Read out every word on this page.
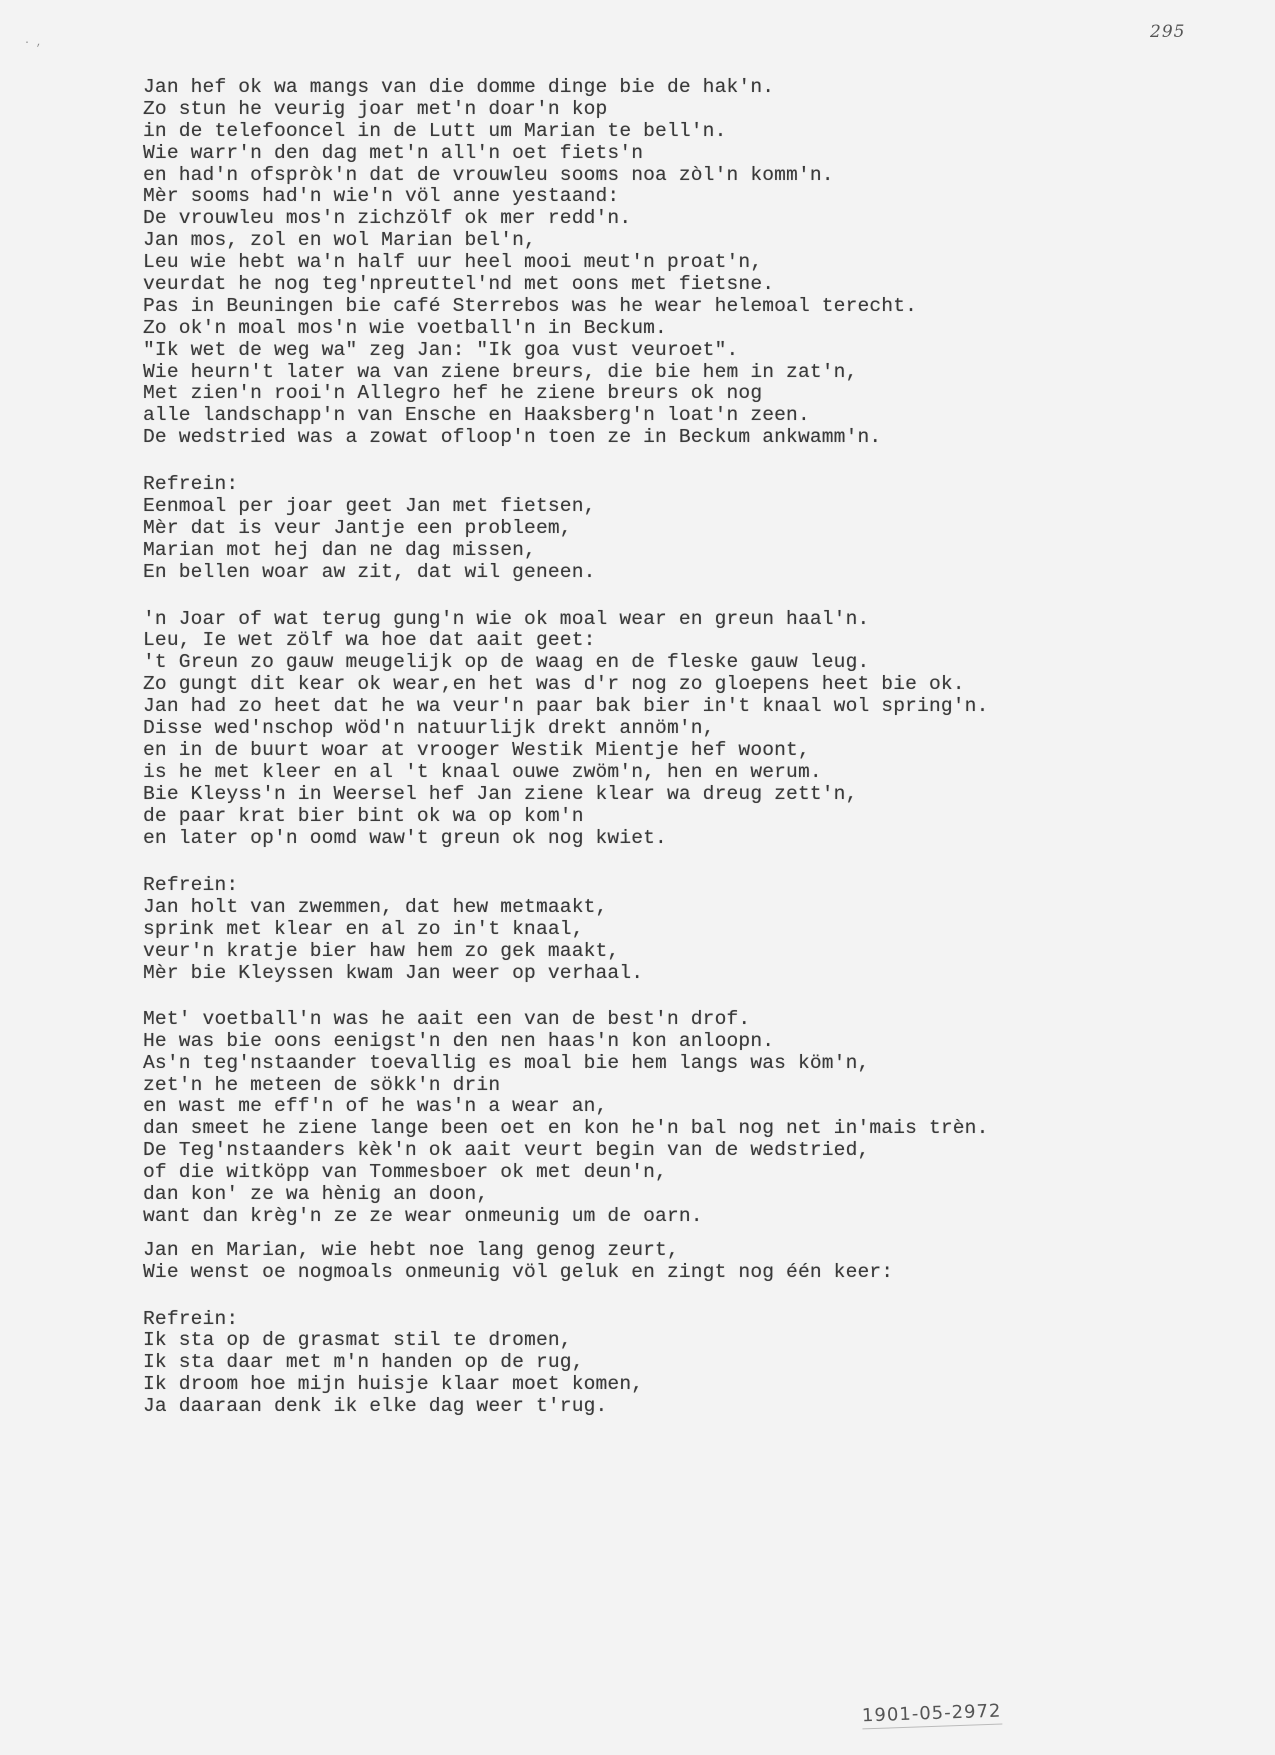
· ,
295
Jan hef ok wa mangs van die domme dinge bie de hak'n.
Zo stun he veurig joar met'n doar'n kop
in de telefooncel in de Lutt um Marian te bell'n.
Wie warr'n den dag met'n all'n oet fiets'n
en had'n ofspròk'n dat de vrouwleu sooms noa zòl'n komm'n.
Mèr sooms had'n wie'n völ anne yestaand:
De vrouwleu mos'n zichzölf ok mer redd'n.
Jan mos, zol en wol Marian bel'n,
Leu wie hebt wa'n half uur heel mooi meut'n proat'n,
veurdat he nog teg'npreuttel'nd met oons met fietsne.
Pas in Beuningen bie café Sterrebos was he wear helemoal terecht.
Zo ok'n moal mos'n wie voetball'n in Beckum.
"Ik wet de weg wa" zeg Jan: "Ik goa vust veuroet".
Wie heurn't later wa van ziene breurs, die bie hem in zat'n,
Met zien'n rooi'n Allegro hef he ziene breurs ok nog
alle landschapp'n van Ensche en Haaksberg'n loat'n zeen.
De wedstried was a zowat ofloop'n toen ze in Beckum ankwamm'n.
Refrein:
Eenmoal per joar geet Jan met fietsen,
Mèr dat is veur Jantje een probleem,
Marian mot hej dan ne dag missen,
En bellen woar aw zit, dat wil geneen.
'n Joar of wat terug gung'n wie ok moal wear en greun haal'n.
Leu, Ie wet zölf wa hoe dat aait geet:
't Greun zo gauw meugelijk op de waag en de fleske gauw leug.
Zo gungt dit kear ok wear,en het was d'r nog zo gloepens heet bie ok.
Jan had zo heet dat he wa veur'n paar bak bier in't knaal wol spring'n.
Disse wed'nschop wöd'n natuurlijk drekt annöm'n,
en in de buurt woar at vrooger Westik Mientje hef woont,
is he met kleer en al 't knaal ouwe zwöm'n, hen en werum.
Bie Kleyss'n in Weersel hef Jan ziene klear wa dreug zett'n,
de paar krat bier bint ok wa op kom'n
en later op'n oomd waw't greun ok nog kwiet.
Refrein:
Jan holt van zwemmen, dat hew metmaakt,
sprink met klear en al zo in't knaal,
veur'n kratje bier haw hem zo gek maakt,
Mèr bie Kleyssen kwam Jan weer op verhaal.
Met' voetball'n was he aait een van de best'n drof.
He was bie oons eenigst'n den nen haas'n kon anloopn.
As'n teg'nstaander toevallig es moal bie hem langs was köm'n,
zet'n he meteen de sökk'n drin
en wast me eff'n of he was'n a wear an,
dan smeet he ziene lange been oet en kon he'n bal nog net in'mais trèn.
De Teg'nstaanders kèk'n ok aait veurt begin van de wedstried,
of die witköpp van Tommesboer ok met deun'n,
dan kon' ze wa hènig an doon,
want dan krèg'n ze ze wear onmeunig um de oarn.
Jan en Marian, wie hebt noe lang genog zeurt,
Wie wenst oe nogmoals onmeunig völ geluk en zingt nog één keer:
Refrein:
Ik sta op de grasmat stil te dromen,
Ik sta daar met m'n handen op de rug,
Ik droom hoe mijn huisje klaar moet komen,
Ja daaraan denk ik elke dag weer t'rug.
1901-05-2972
